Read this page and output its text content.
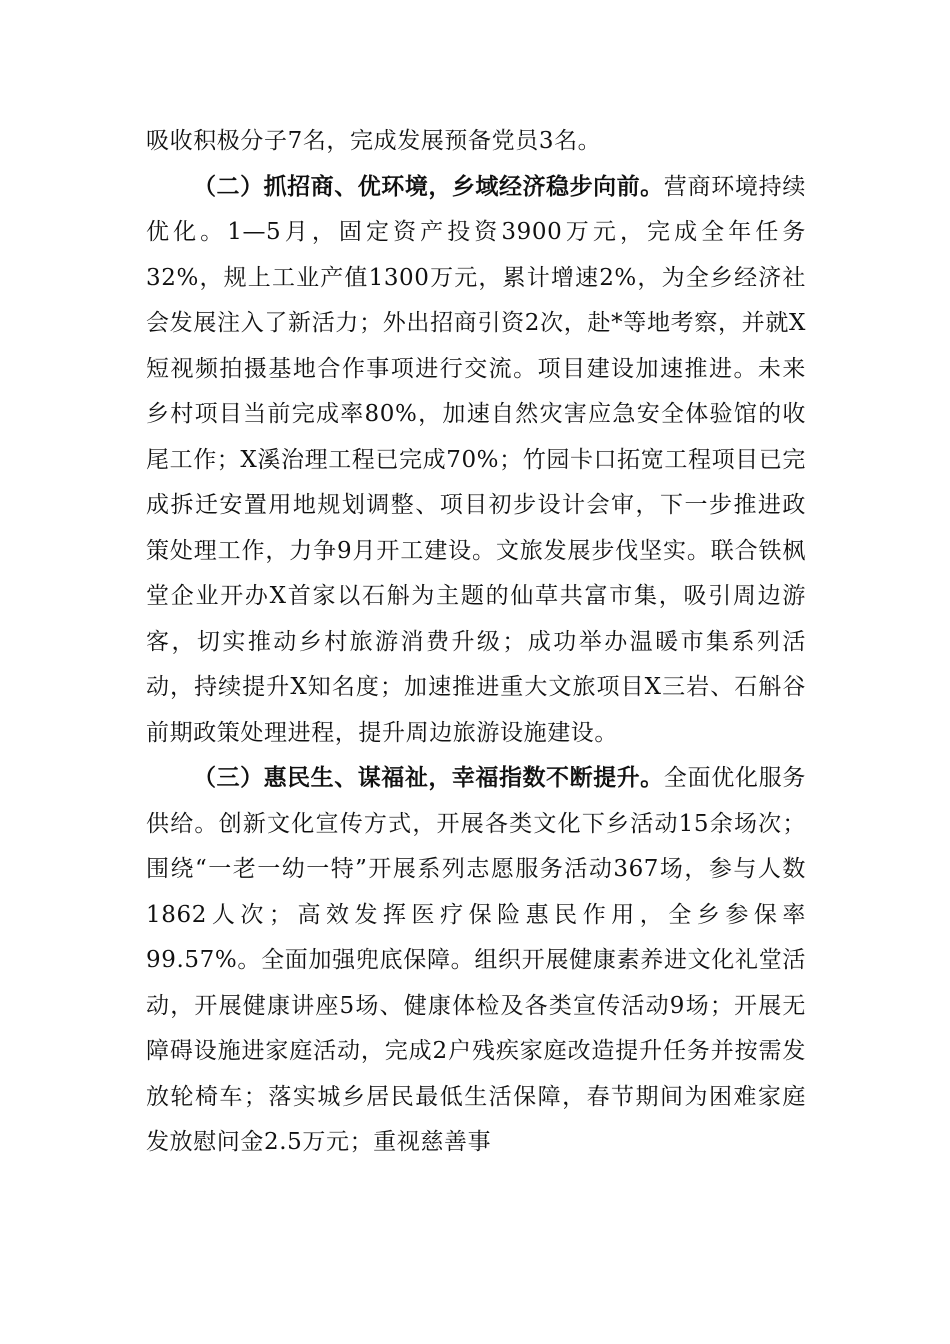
吸收积极分子7名，完成发展预备党员3名。

（二）抓招商、优环境，乡域经济稳步向前。营商环境持续优化。1—5月，固定资产投资3900万元，完成全年任务32%，规上工业产值1300万元，累计增速2%，为全乡经济社会发展注入了新活力；外出招商引资2次，赴*等地考察，并就X短视频拍摄基地合作事项进行交流。项目建设加速推进。未来乡村项目当前完成率80%，加速自然灾害应急安全体验馆的收尾工作；X溪治理工程已完成70%；竹园卡口拓宽工程项目已完成拆迁安置用地规划调整、项目初步设计会审，下一步推进政策处理工作，力争9月开工建设。文旅发展步伐坚实。联合铁枫堂企业开办X首家以石斛为主题的仙草共富市集，吸引周边游客，切实推动乡村旅游消费升级；成功举办温暖市集系列活动，持续提升X知名度；加速推进重大文旅项目X三岩、石斛谷前期政策处理进程，提升周边旅游设施建设。

（三）惠民生、谋福祉，幸福指数不断提升。全面优化服务供给。创新文化宣传方式，开展各类文化下乡活动15余场次；围绕“一老一幼一特”开展系列志愿服务活动367场，参与人数1862人次；高效发挥医疗保险惠民作用，全乡参保率99.57%。全面加强兜底保障。组织开展健康素养进文化礼堂活动，开展健康讲座5场、健康体检及各类宣传活动9场；开展无障碍设施进家庭活动，完成2户残疾家庭改造提升任务并按需发放轮椅车；落实城乡居民最低生活保障，春节期间为困难家庭发放慰问金2.5万元；重视慈善事
